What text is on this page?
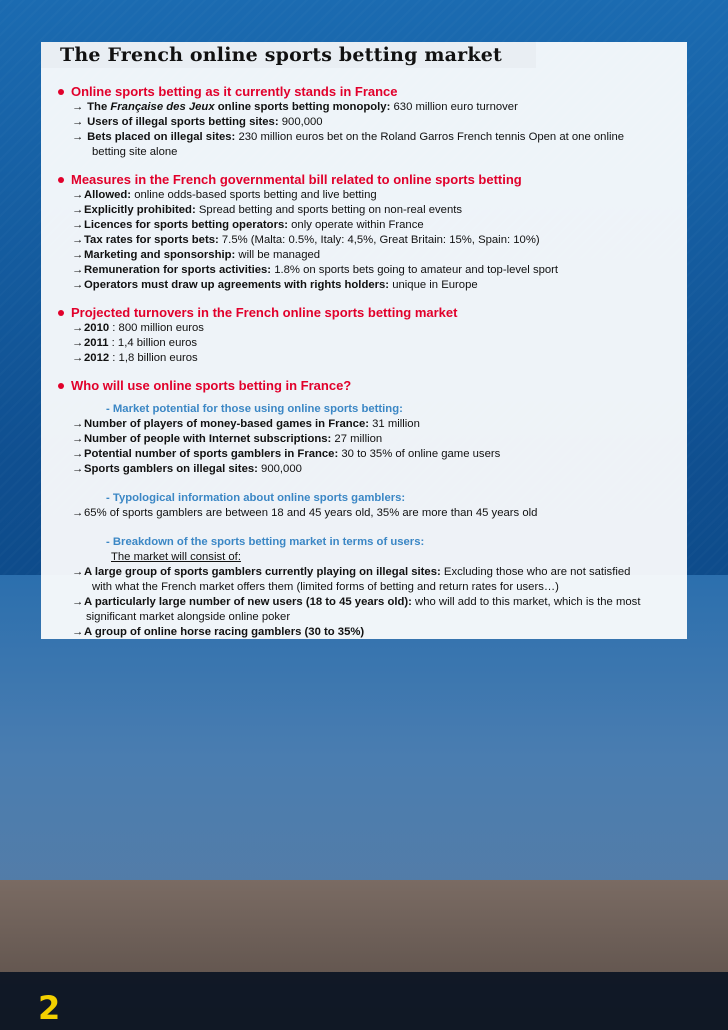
The French online sports betting market
Online sports betting as it currently stands in France
→ The Française des Jeux online sports betting monopoly: 630 million euro turnover
→ Users of illegal sports betting sites: 900,000
→ Bets placed on illegal sites: 230 million euros bet on the Roland Garros French tennis Open at one online
betting site alone
Measures in the French governmental bill related to online sports betting
→Allowed: online odds-based sports betting and live betting
→Explicitly prohibited: Spread betting and sports betting on non-real events
→Licences for sports betting operators: only operate within France
→Tax rates for sports bets: 7.5% (Malta: 0.5%, Italy: 4,5%, Great Britain: 15%, Spain: 10%)
→Marketing and sponsorship: will be managed
→Remuneration for sports activities: 1.8% on sports bets going to amateur and top-level sport
→Operators must draw up agreements with rights holders: unique in Europe
Projected turnovers in the French online sports betting market
→2010 : 800 million euros
→2011 : 1,4 billion euros
→2012 : 1,8 billion euros
Who will use online sports betting in France?
- Market potential for those using online sports betting:
→Number of players of money-based games in France: 31 million
→Number of people with Internet subscriptions: 27 million
→Potential number of sports gamblers in France: 30 to 35% of online game users
→Sports gamblers on illegal sites: 900,000
- Typological information about online sports gamblers:
→65% of sports gamblers are between 18 and 45 years old, 35% are more than 45 years old
- Breakdown of the sports betting market in terms of users:
The market will consist of:
→A large group of sports gamblers currently playing on illegal sites: Excluding those who are not satisfied
with what the French market offers them (limited forms of betting and return rates for users…)
→A particularly large number of new users (18 to 45 years old): who will add to this market, which is the most
significant market alongside online poker
→A group of online horse racing gamblers (30 to 35%)
2
